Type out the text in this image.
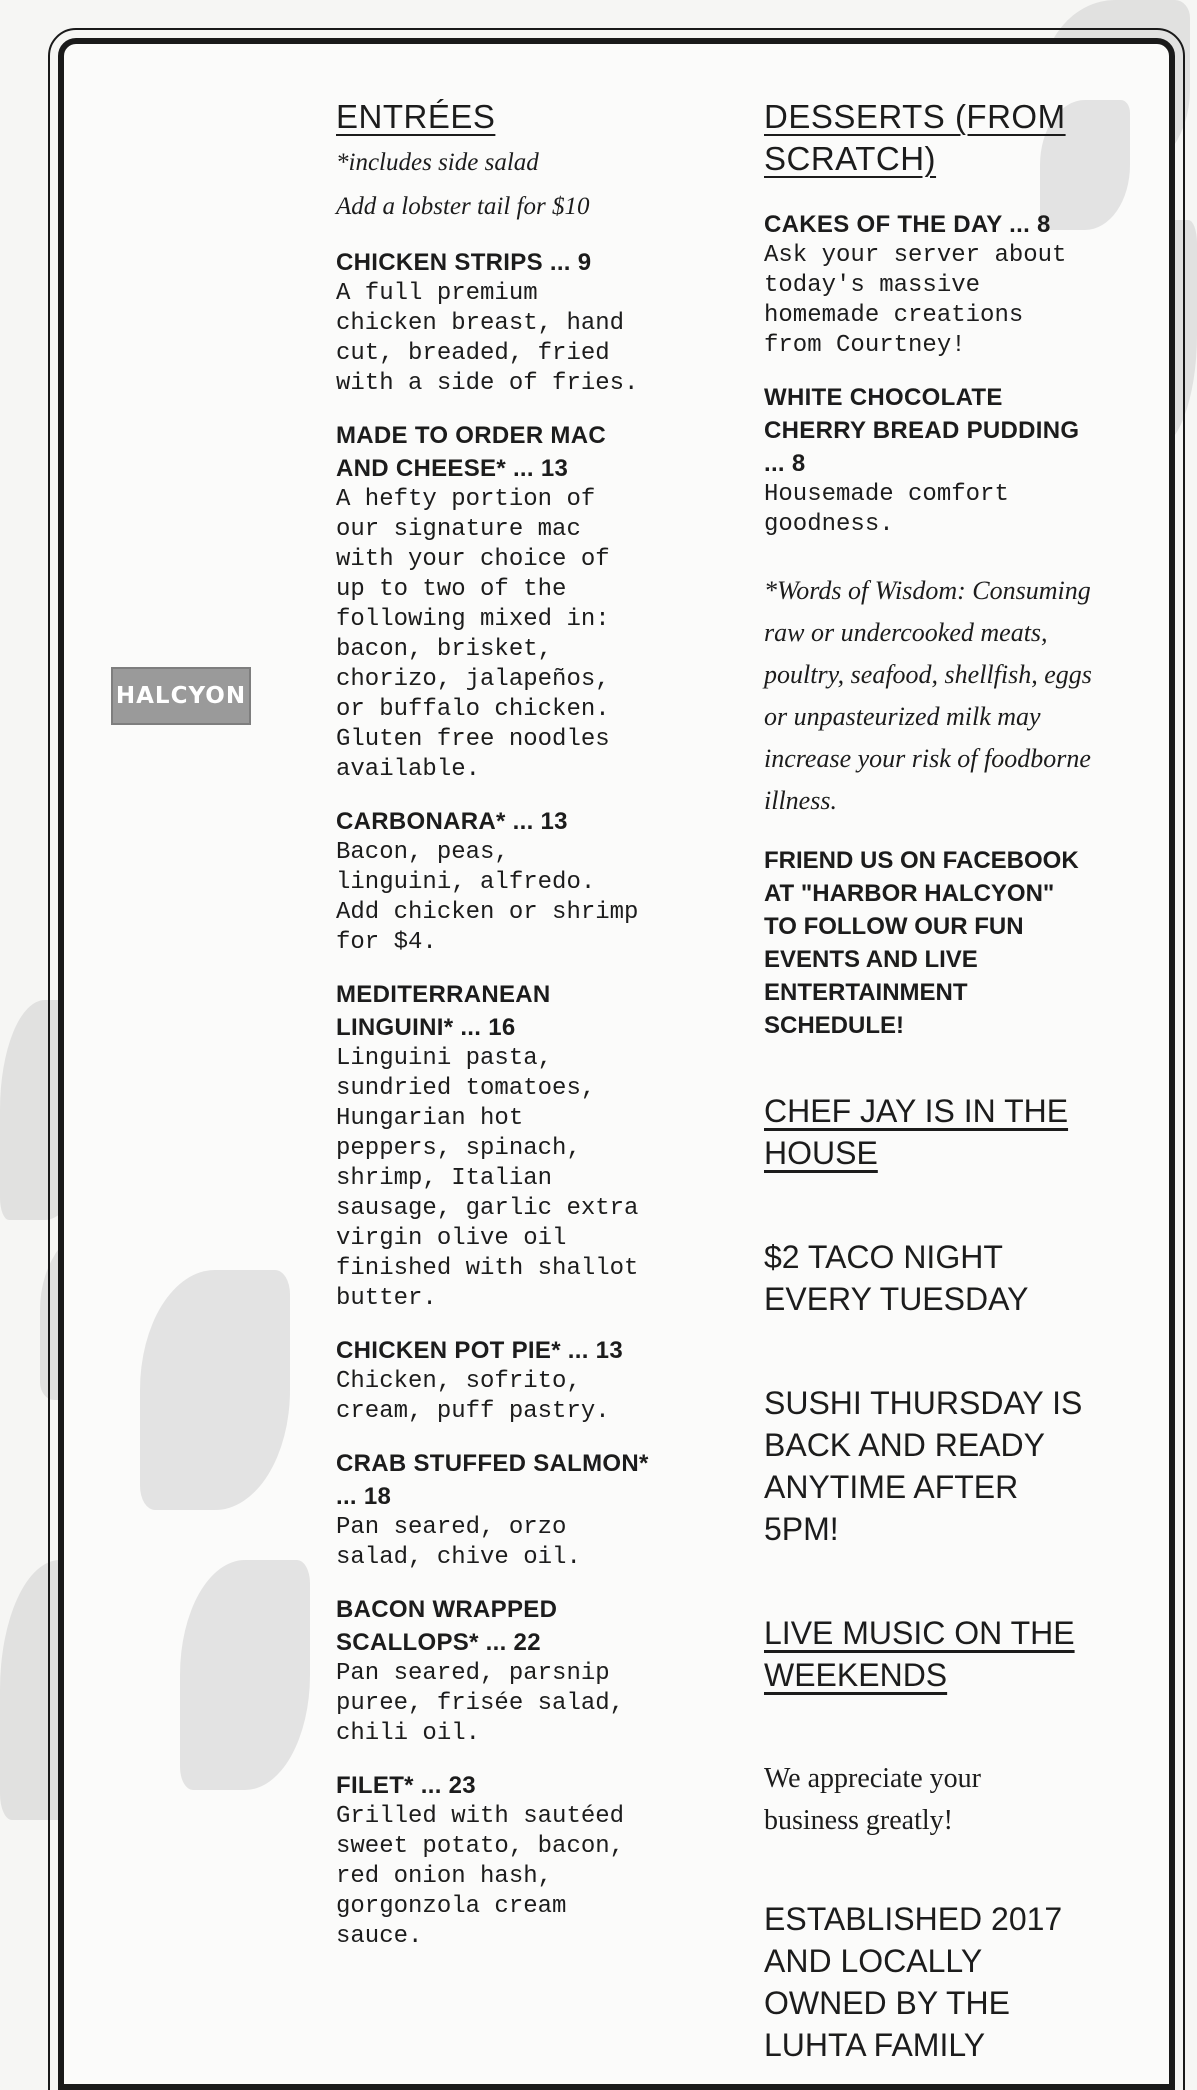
HALCYON
ENTRÉES
*includes side salad
Add a lobster tail for $10
CHICKEN STRIPS ... 9
A full premium
chicken breast, hand
cut, breaded, fried
with a side of fries.
MADE TO ORDER MAC
AND CHEESE* ... 13
A hefty portion of
our signature mac
with your choice of
up to two of the
following mixed in:
bacon, brisket,
chorizo, jalapeños,
or buffalo chicken.
Gluten free noodles
available.
CARBONARA* ... 13
Bacon, peas,
linguini, alfredo.
Add chicken or shrimp
for $4.
MEDITERRANEAN
LINGUINI* ... 16
Linguini pasta,
sundried tomatoes,
Hungarian hot
peppers, spinach,
shrimp, Italian
sausage, garlic extra
virgin olive oil
finished with shallot
butter.
CHICKEN POT PIE* ... 13
Chicken, sofrito,
cream, puff pastry.
CRAB STUFFED SALMON*
... 18
Pan seared, orzo
salad, chive oil.
BACON WRAPPED
SCALLOPS* ... 22
Pan seared, parsnip
puree, frisée salad,
chili oil.
FILET* ... 23
Grilled with sautéed
sweet potato, bacon,
red onion hash,
gorgonzola cream
sauce.
DESSERTS (FROM
SCRATCH)
CAKES OF THE DAY ... 8
Ask your server about
today's massive
homemade creations
from Courtney!
WHITE CHOCOLATE
CHERRY BREAD PUDDING
... 8
Housemade comfort
goodness.
*Words of Wisdom: Consuming raw or undercooked meats, poultry, seafood, shellfish, eggs or unpasteurized milk may increase your risk of foodborne illness.
FRIEND US ON FACEBOOK
AT "HARBOR HALCYON"
TO FOLLOW OUR FUN
EVENTS AND LIVE
ENTERTAINMENT
SCHEDULE!
CHEF JAY IS IN THE
HOUSE
$2 TACO NIGHT
EVERY TUESDAY
SUSHI THURSDAY IS
BACK AND READY
ANYTIME AFTER
5PM!
LIVE MUSIC ON THE
WEEKENDS
We appreciate your
business greatly!
ESTABLISHED 2017
AND LOCALLY
OWNED BY THE
LUHTA FAMILY
